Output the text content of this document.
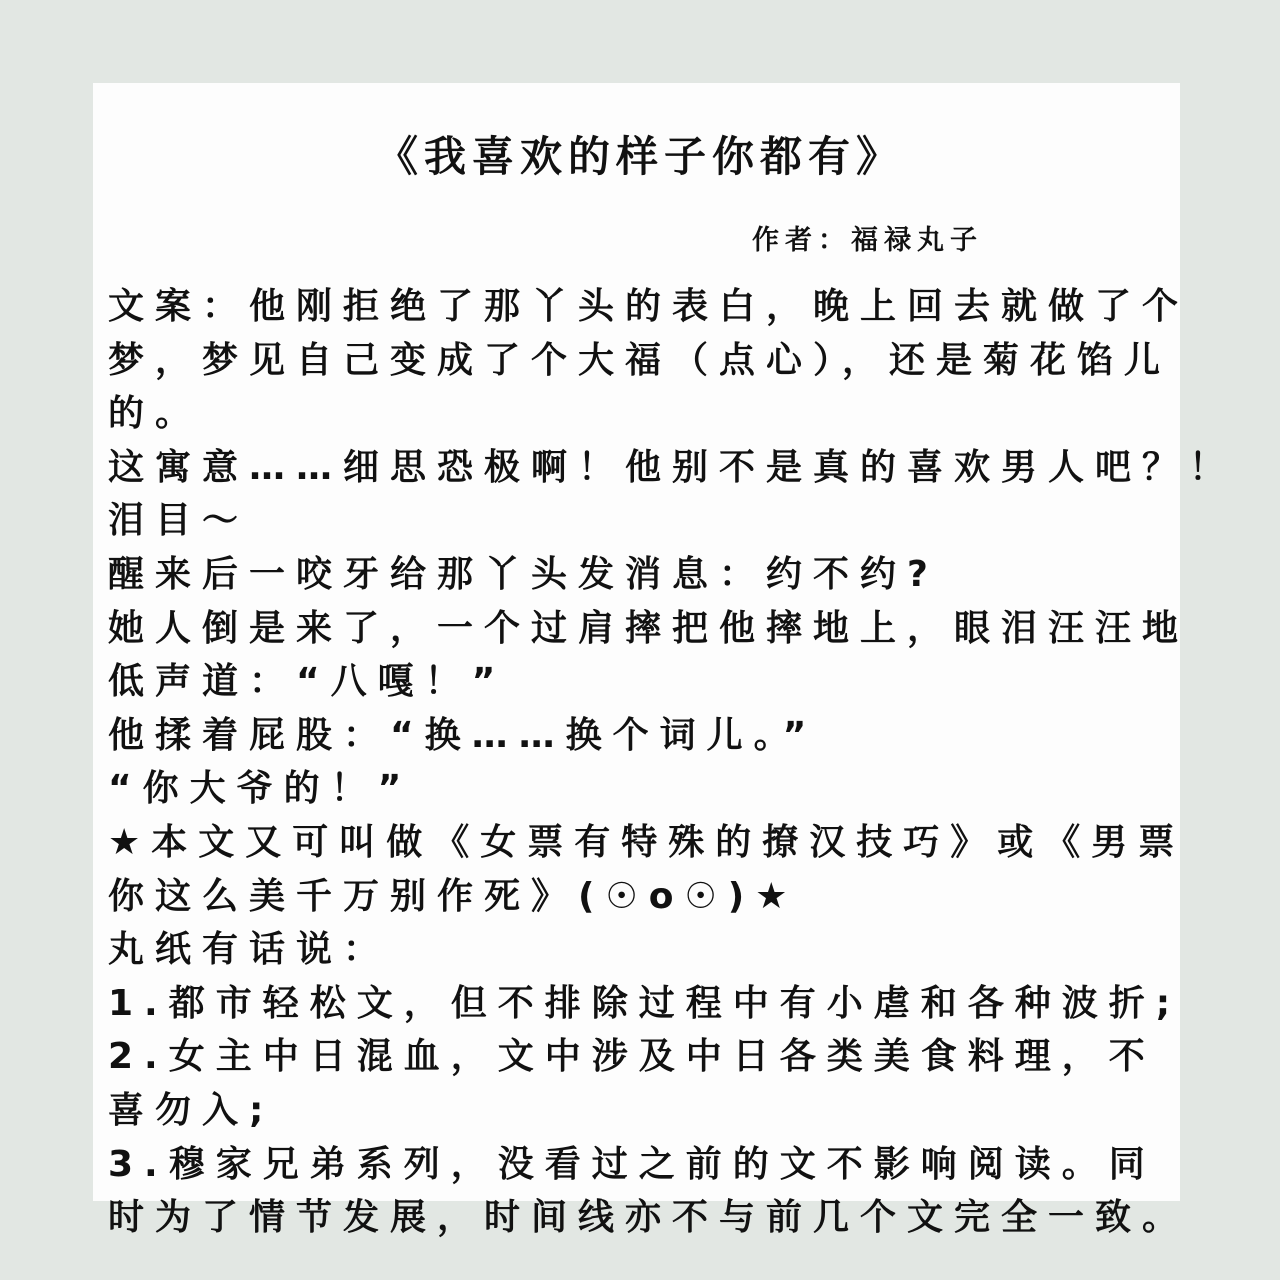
《我喜欢的样子你都有》
作者：福禄丸子
文案：他刚拒绝了那丫头的表白，晚上回去就做了个
梦，梦见自己变成了个大福（点心），还是菊花馅儿
的。
这寓意……细思恐极啊！他别不是真的喜欢男人吧？！
泪目～
醒来后一咬牙给那丫头发消息：约不约?
她人倒是来了，一个过肩摔把他摔地上，眼泪汪汪地
低声道：“八嘎！”
他揉着屁股：“换……换个词儿。”
“你大爷的！”
★本文又可叫做《女票有特殊的撩汉技巧》或《男票
你这么美千万别作死》(☉o☉)★
丸纸有话说：
1.都市轻松文，但不排除过程中有小虐和各种波折;
2.女主中日混血，文中涉及中日各类美食料理，不
喜勿入;
3.穆家兄弟系列，没看过之前的文不影响阅读。同
时为了情节发展，时间线亦不与前几个文完全一致。
